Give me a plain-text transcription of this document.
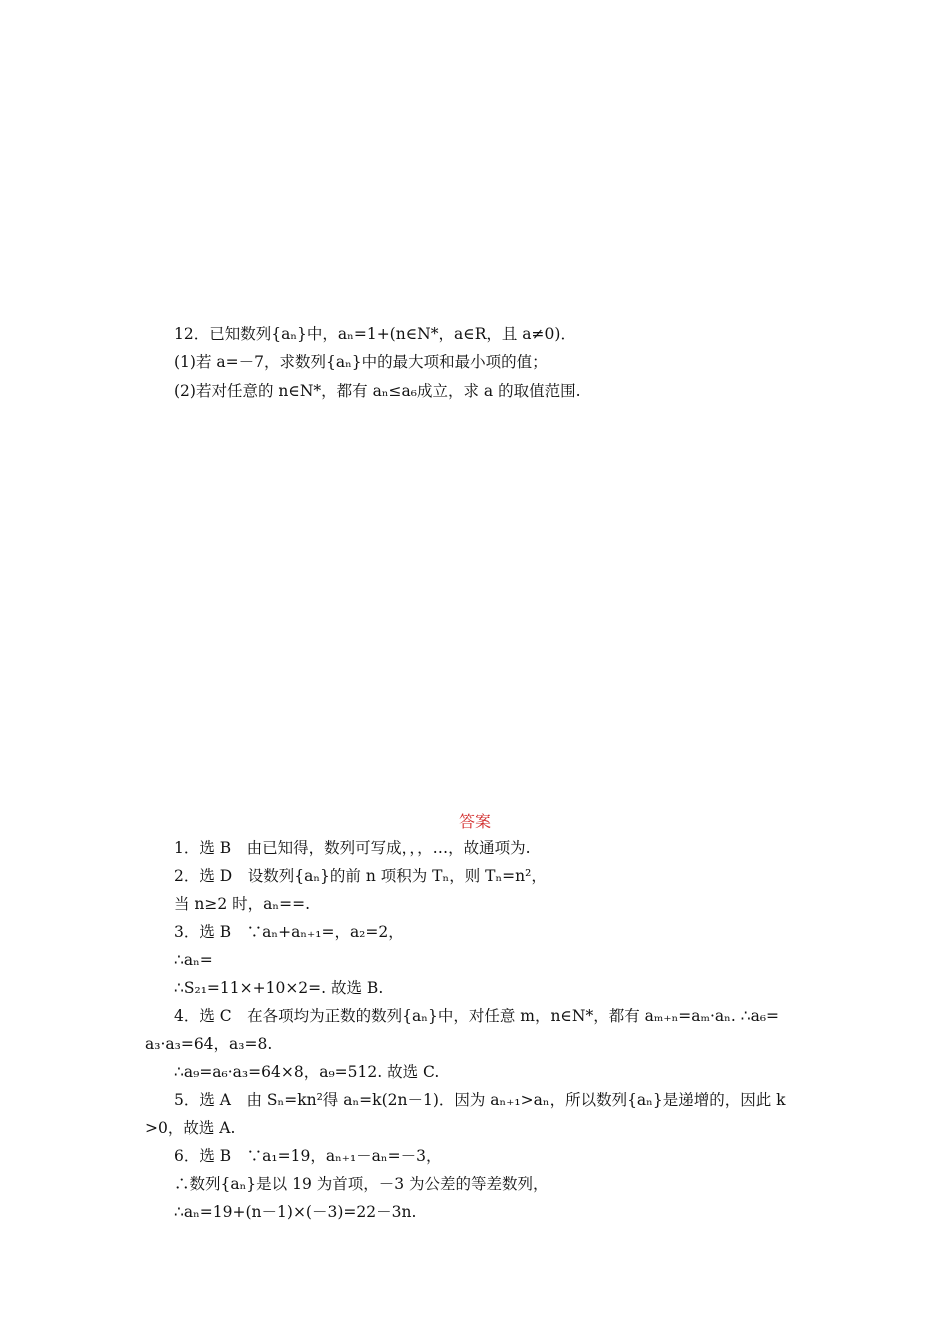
12．已知数列{aₙ}中，aₙ=1+(n∈N*，a∈R，且 a≠0)．
(1)若 a=－7，求数列{aₙ}中的最大项和最小项的值；
(2)若对任意的 n∈N*，都有 aₙ≤a₆成立，求 a 的取值范围.
答案
1．选 B　由已知得，数列可写成，，，…，故通项为.
2．选 D　设数列{aₙ}的前 n 项积为 Tₙ，则 Tₙ=n²，
当 n≥2 时，aₙ==.
3．选 B　∵aₙ+aₙ₊₁=，a₂=2，
∴aₙ=
∴S₂₁=11×+10×2=. 故选 B.
4．选 C　在各项均为正数的数列{aₙ}中，对任意 m，n∈N*，都有 aₘ₊ₙ=aₘ·aₙ. ∴a₆=
a₃·a₃=64，a₃=8.
∴a₉=a₆·a₃=64×8，a₉=512. 故选 C.
5．选 A　由 Sₙ=kn²得 aₙ=k(2n－1)．因为 aₙ₊₁>aₙ，所以数列{aₙ}是递增的，因此 k
>0，故选 A.
6．选 B　∵a₁=19，aₙ₊₁－aₙ=－3，
∴数列{aₙ}是以 19 为首项，－3 为公差的等差数列，
∴aₙ=19+(n－1)×(－3)=22－3n.
